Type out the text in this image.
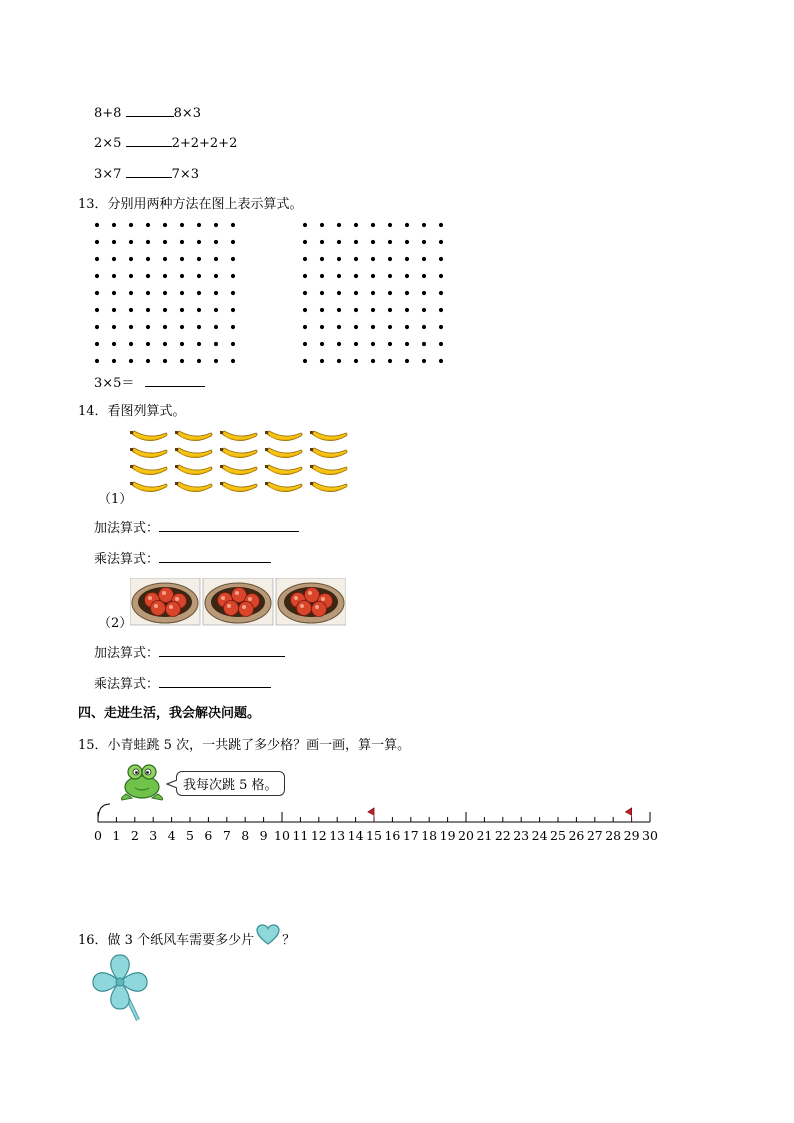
8+8	8×3
2×5	2+2+2+2
3×7	7×3
13．分别用两种方法在图上表示算式。
3×5＝
14．看图列算式。
（1）
加法算式：
乘法算式：
（2）
加法算式：
乘法算式：
四、走进生活，我会解决问题。
15．小青蛙跳 5 次，一共跳了多少格？画一画，算一算。
我每次跳 5 格。
0 1 2 3 4 5 6 7 8 9 10 11 12 13 14 15 16 17 18 19 20 21 22 23 24 25 26 27 28 29 30
16．做 3 个纸风车需要多少片 ？
